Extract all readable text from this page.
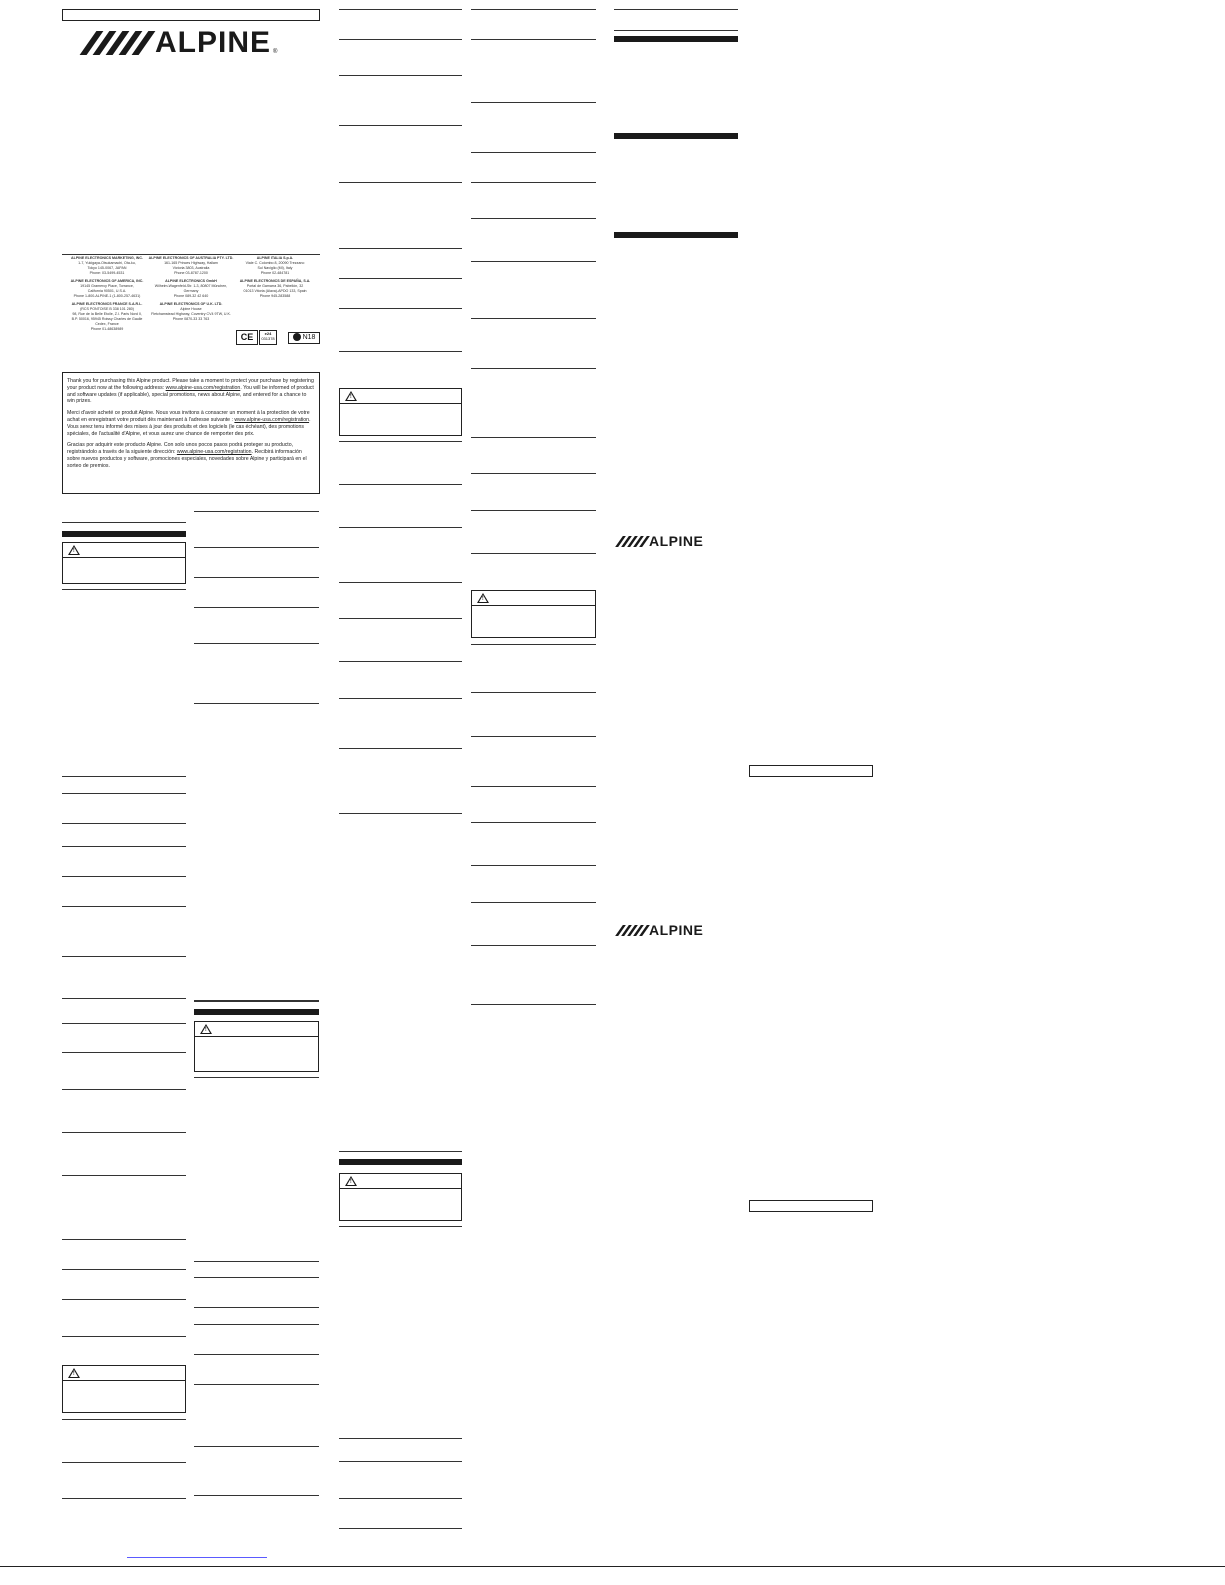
ALPINE ®
ALPINE ELECTRONICS MARKETING, INC.
1-7, Yukigaya-Otsukamachi, Ota-ku,
Tokyo 145-0067, JAPAN
Phone: 03-5499-4531
ALPINE ELECTRONICS OF AMERICA, INC.
19145 Gramercy Place, Torrance,
California 90501, U.S.A.
Phone 1-800-ALPINE-1 (1-800-257-4631)
ALPINE ELECTRONICS FRANCE S.A.R.L.
(RCS PONTOISE B 338 101 280)
98, Rue de la Belle Etoile, Z.I. Paris Nord Il,
B.P. 50016, 95945 Roissy Charles de Gaulle
Cedex, France
Phone 01-48638989
ALPINE ELECTRONICS OF AUSTRALIA PTY. LTD.
161-165 Princes Highway, Hallam
Victoria 3803, Australia
Phone 03-8787-1200
ALPINE ELECTRONICS GmbH
Wilhelm-Wagenfeld-Str. 1-3, 80807 München,
Germany
Phone 089-32 42 640
ALPINE ELECTRONICS OF U.K. LTD.
Alpine House
Fletchamstead Highway, Coventry CV4 9TW, U.K.
Phone 0870-33 33 763
ALPINE ITALIA S.p.A.
Viale C. Colombo 8, 20090 Trezzano
Sul Naviglio (MI), Italy
Phone 02-484781
ALPINE ELECTRONICS DE ESPAÑA, S.A.
Portal de Gamarra 36, Pabellón, 32
01013 Vitoria (Alava)-APDO 133, Spain
Phone 945-283588
CE	e24
031378	N18

Thank you for purchasing this Alpine product. Please take a moment to protect your purchase by registering your product now at the following address: www.alpine-usa.com/registration. You will be informed of product and software updates (if applicable), special promotions, news about Alpine, and entered for a chance to win prizes.

Merci d'avoir acheté ce produit Alpine. Nous vous invitons à consacrer un moment à la protection de votre achat en enregistrant votre produit dès maintenant à l'adresse suivante : www.alpine-usa.com/registration. Vous serez tenu informé des mises à jour des produits et des logiciels (le cas échéant), des promotions spéciales, de l'actualité d'Alpine, et vous aurez une chance de remporter des prix.

Gracias por adquirir este producto Alpine. Con solo unos pocos pasos podrá proteger su producto, registrándolo a través de la siguiente dirección: www.alpine-usa.com/registration. Recibirá información sobre nuevos productos y software, promociones especiales, novedades sobre Alpine y participará en el sorteo de premios.

!
!
!
!
!
!
ALPINE
ALPINE
